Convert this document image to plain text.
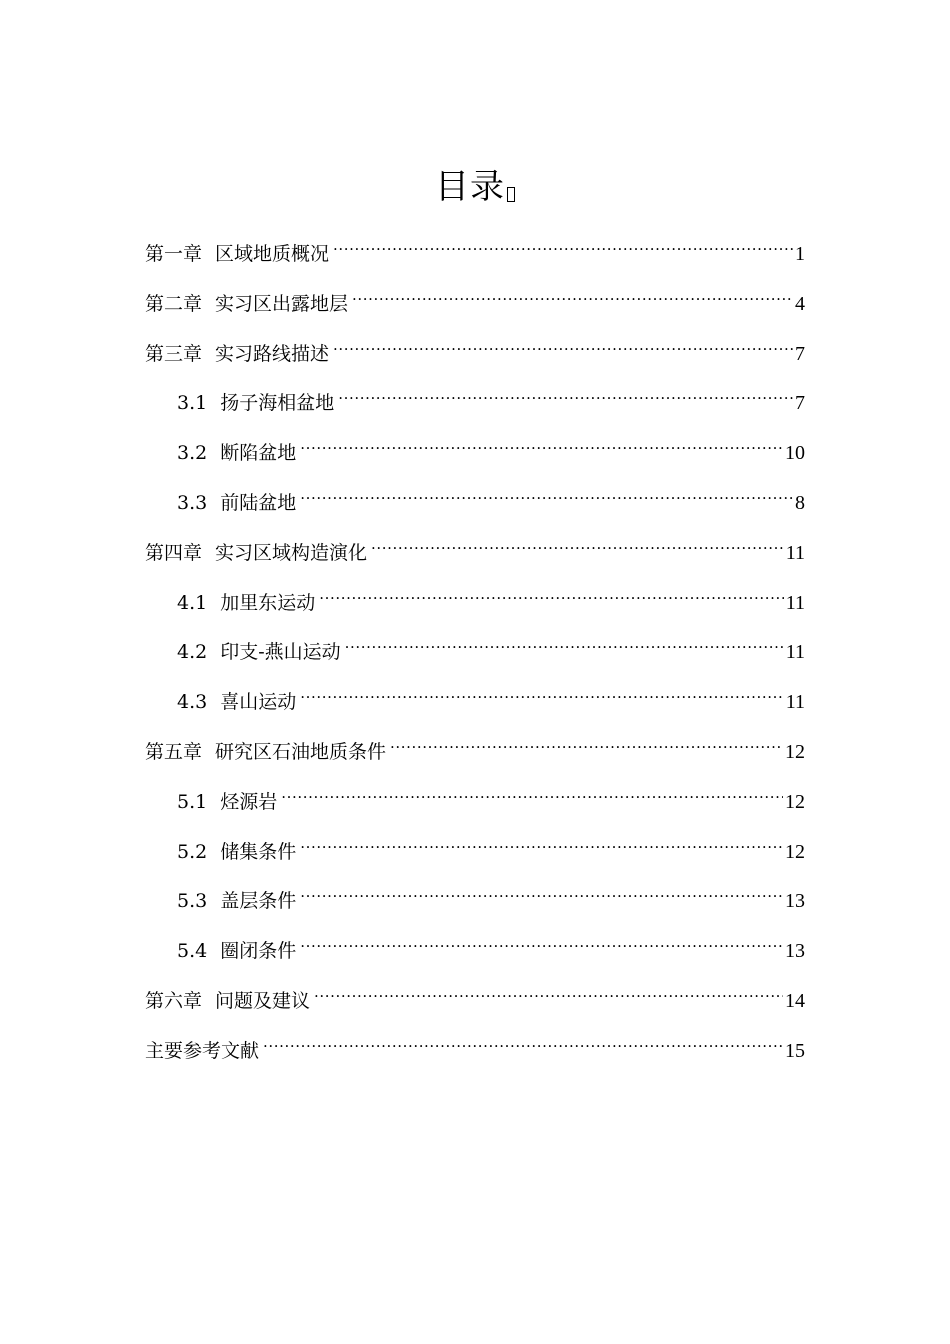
目录
第一章 区域地质概况 .....	1
第二章 实习区出露地层 .....	4
第三章 实习路线描述 .....	7
3.1 扬子海相盆地 .....	7
3.2 断陷盆地 .....	10
3.3 前陆盆地 .....	8
第四章 实习区域构造演化 .....	11
4.1 加里东运动 .....	11
4.2 印支-燕山运动 .....	11
4.3 喜山运动 .....	11
第五章 研究区石油地质条件 .....	12
5.1 烃源岩 .....	12
5.2 储集条件 .....	12
5.3 盖层条件 .....	13
5.4 圈闭条件 .....	13
第六章 问题及建议 .....	14
主要参考文献 .....	15
